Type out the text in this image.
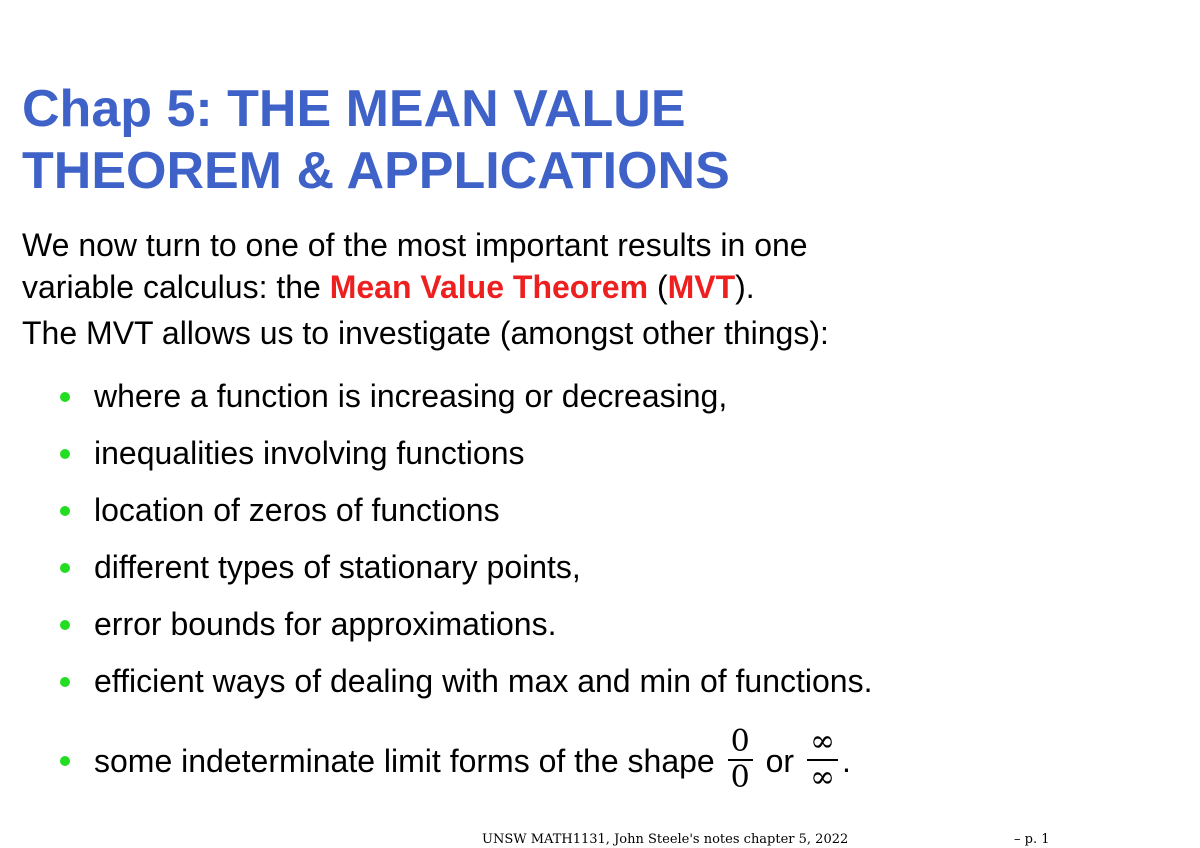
Chap 5: THE MEAN VALUE
THEOREM & APPLICATIONS

We now turn to one of the most important results in one
variable calculus: the Mean Value Theorem (MVT).

The MVT allows us to investigate (amongst other things):

where a function is increasing or decreasing,
inequalities involving functions
location of zeros of functions
different types of stationary points,
error bounds for approximations.
efficient ways of dealing with max and min of functions.
some indeterminate limit forms of the shape $\frac{0}{0}$ or $\frac{\infty}{\infty}$ .
UNSW MATH1131, John Steele's notes chapter 5, 2022	– p. 1
